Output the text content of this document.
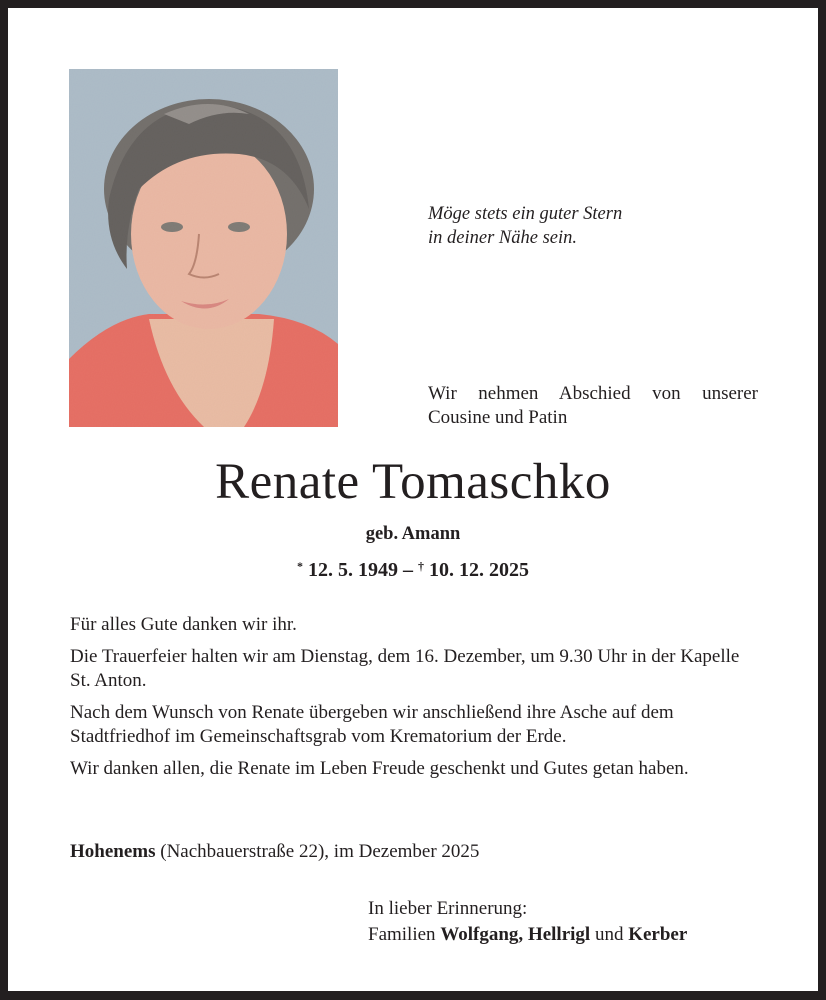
Möge stets ein guter Stern
in deiner Nähe sein.
Wir nehmen Abschied von unserer
Cousine und Patin
Renate Tomaschko
geb. Amann
* 12. 5. 1949 – † 10. 12. 2025

Für alles Gute danken wir ihr.

Die Trauerfeier halten wir am Dienstag, dem 16. Dezember, um 9.30 Uhr in der Kapelle St. Anton.

Nach dem Wunsch von Renate übergeben wir anschließend ihre Asche auf dem Stadtfriedhof im Gemeinschaftsgrab vom Krematorium der Erde.

Wir danken allen, die Renate im Leben Freude geschenkt und Gutes getan haben.

Hohenems (Nachbauerstraße 22), im Dezember 2025
In lieber Erinnerung:
Familien Wolfgang, Hellrigl und Kerber
